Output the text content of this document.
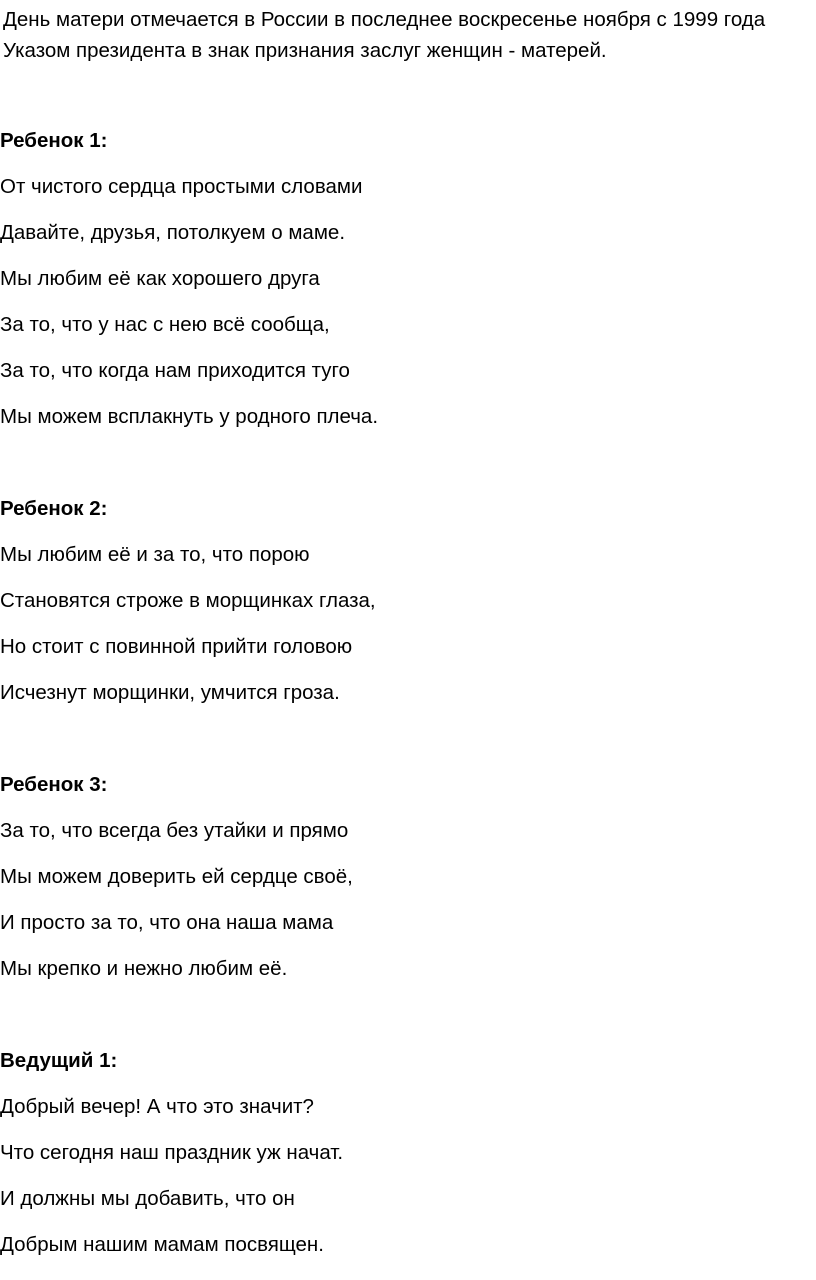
День матери отмечается в России в последнее воскресенье ноября с 1999 года Указом президента в знак признания заслуг женщин - матерей.

Ребенок 1:

От чистого сердца простыми словами

Давайте, друзья, потолкуем о маме.

Мы любим её как хорошего друга

За то, что у нас с нею всё сообща,

За то, что когда нам приходится туго

Мы можем всплакнуть у родного плеча.

Ребенок 2:

Мы любим её и за то, что порою

Становятся строже в морщинках глаза,

Но стоит с повинной прийти головою

Исчезнут морщинки, умчится гроза.

Ребенок 3:

За то, что всегда без утайки и прямо

Мы можем доверить ей сердце своё,

И просто за то, что она наша мама

Мы крепко и нежно любим её.

Ведущий 1:

Добрый вечер! А что это значит?

Что сегодня наш праздник уж начат.

И должны мы добавить, что он

Добрым нашим мамам посвящен.
